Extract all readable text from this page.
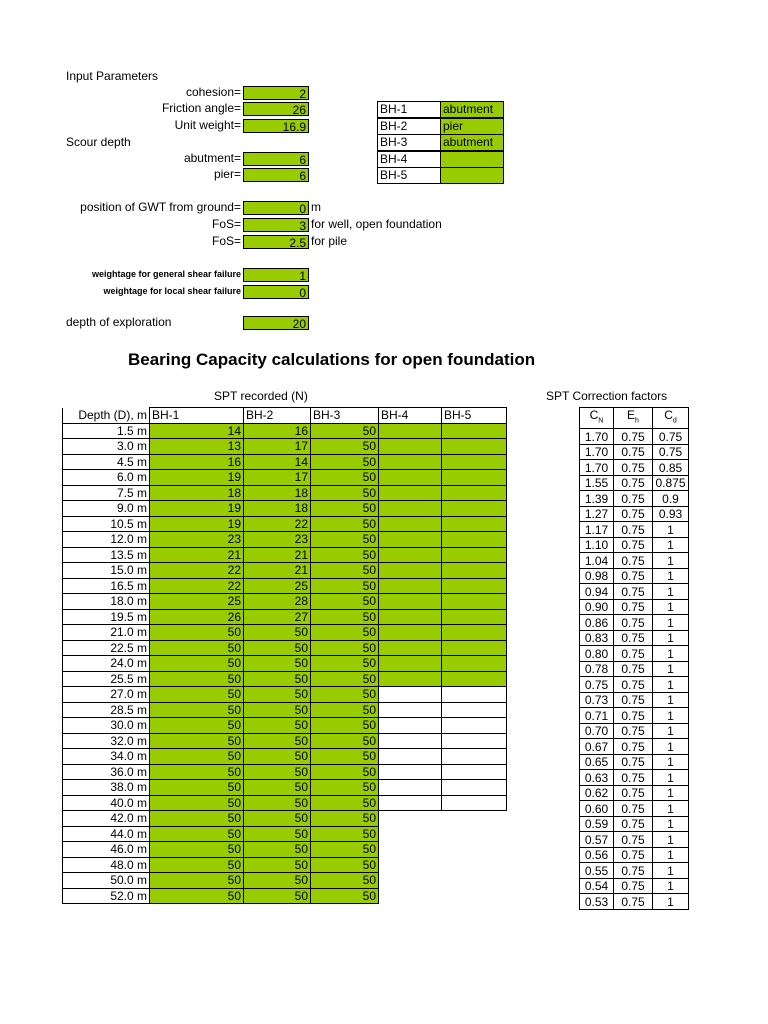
Input Parameters
cohesion=	2
Friction angle=	26
Unit weight=	16.9
Scour depth
abutment=	6
pier=	6
BH-1	abutment
BH-2	pier
BH-3	abutment
BH-4
BH-5
position of GWT from ground=	0 m
FoS=	3 for well, open foundation
FoS=	2.5 for pile
weightage for general shear failure	1
weightage for local shear failure	0
depth of exploration	20
Bearing Capacity calculations for open foundation
SPT recorded (N)
Depth (D), m	BH-1	BH-2	BH-3	BH-4	BH-5
1.5 m	14	16	50		
3.0 m	13	17	50		
4.5 m	16	14	50		
6.0 m	19	17	50		
7.5 m	18	18	50		
9.0 m	19	18	50		
10.5 m	19	22	50		
12.0 m	23	23	50		
13.5 m	21	21	50		
15.0 m	22	21	50		
16.5 m	22	25	50		
18.0 m	25	28	50		
19.5 m	26	27	50		
21.0 m	50	50	50		
22.5 m	50	50	50		
24.0 m	50	50	50		
25.5 m	50	50	50		
27.0 m	50	50	50		
28.5 m	50	50	50		
30.0 m	50	50	50		
32.0 m	50	50	50		
34.0 m	50	50	50		
36.0 m	50	50	50		
38.0 m	50	50	50		
40.0 m	50	50	50		
42.0 m	50	50	50		
44.0 m	50	50	50		
46.0 m	50	50	50		
48.0 m	50	50	50		
50.0 m	50	50	50		
52.0 m	50	50	50		
SPT Correction factors
$C_N$	$E_h$	$C_d$
1.70	0.75	0.75
1.70	0.75	0.75
1.70	0.75	0.85
1.55	0.75	0.875
1.39	0.75	0.9
1.27	0.75	0.93
1.17	0.75	1
1.10	0.75	1
1.04	0.75	1
0.98	0.75	1
0.94	0.75	1
0.90	0.75	1
0.86	0.75	1
0.83	0.75	1
0.80	0.75	1
0.78	0.75	1
0.75	0.75	1
0.73	0.75	1
0.71	0.75	1
0.70	0.75	1
0.67	0.75	1
0.65	0.75	1
0.63	0.75	1
0.62	0.75	1
0.60	0.75	1
0.59	0.75	1
0.57	0.75	1
0.56	0.75	1
0.55	0.75	1
0.54	0.75	1
0.53	0.75	1
